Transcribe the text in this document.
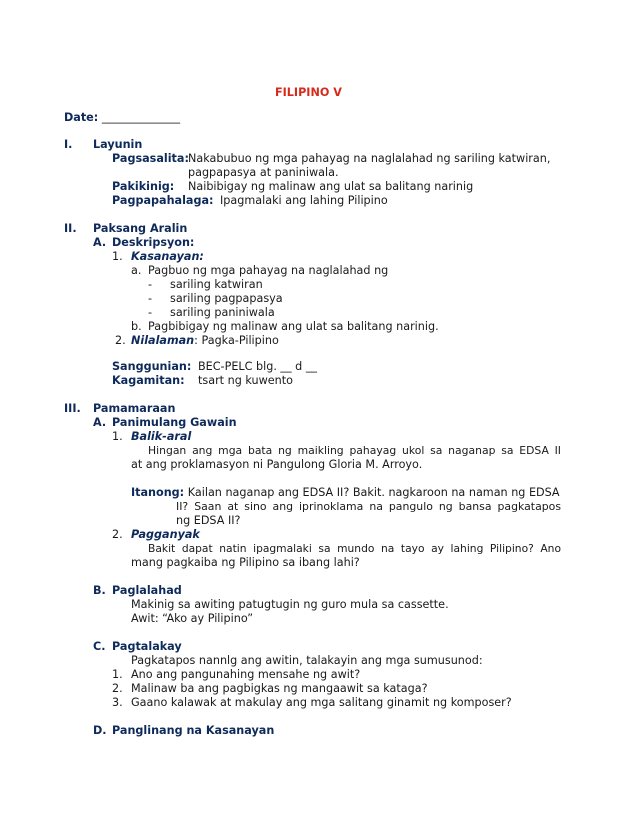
FILIPINO V
Date: ______________
I. Layunin
Pagsasalita: Nakabubuo ng mga pahayag na naglalahad ng sariling katwiran,
pagpapasya at paniniwala.
Pakikinig: Naibibigay ng malinaw ang ulat sa balitang narinig
Pagpapahalaga: Ipagmalaki ang lahing Pilipino
II. Paksang Aralin
A. Deskripsyon:
1. Kasanayan:
a. Pagbuo ng mga pahayag na naglalahad ng
- sariling katwiran
- sariling pagpapasya
- sariling paniniwala
b. Pagbibigay ng malinaw ang ulat sa balitang narinig.
2. Nilalaman: Pagka-Pilipino
Sanggunian: BEC-PELC blg. __ d __
Kagamitan: tsart ng kuwento
III. Pamamaraan
A. Panimulang Gawain
1. Balik-aral
Hingan ang mga bata ng maikling pahayag ukol sa naganap sa EDSA II
at ang proklamasyon ni Pangulong Gloria M. Arroyo.
Itanong: Kailan naganap ang EDSA II? Bakit. nagkaroon na naman ng EDSA
II? Saan at sino ang iprinoklama na pangulo ng bansa pagkatapos
ng EDSA II?
2. Pagganyak
Bakit dapat natin ipagmalaki sa mundo na tayo ay lahing Pilipino? Ano
mang pagkaiba ng Pilipino sa ibang lahi?
B. Paglalahad
Makinig sa awiting patugtugin ng guro mula sa cassette.
Awit: “Ako ay Pilipino”
C. Pagtalakay
Pagkatapos nannlg ang awitin, talakayin ang mga sumusunod:
1. Ano ang pangunahing mensahe ng awit?
2. Malinaw ba ang pagbigkas ng mangaawit sa kataga?
3. Gaano kalawak at makulay ang mga salitang ginamit ng komposer?
D. Panglinang na Kasanayan
